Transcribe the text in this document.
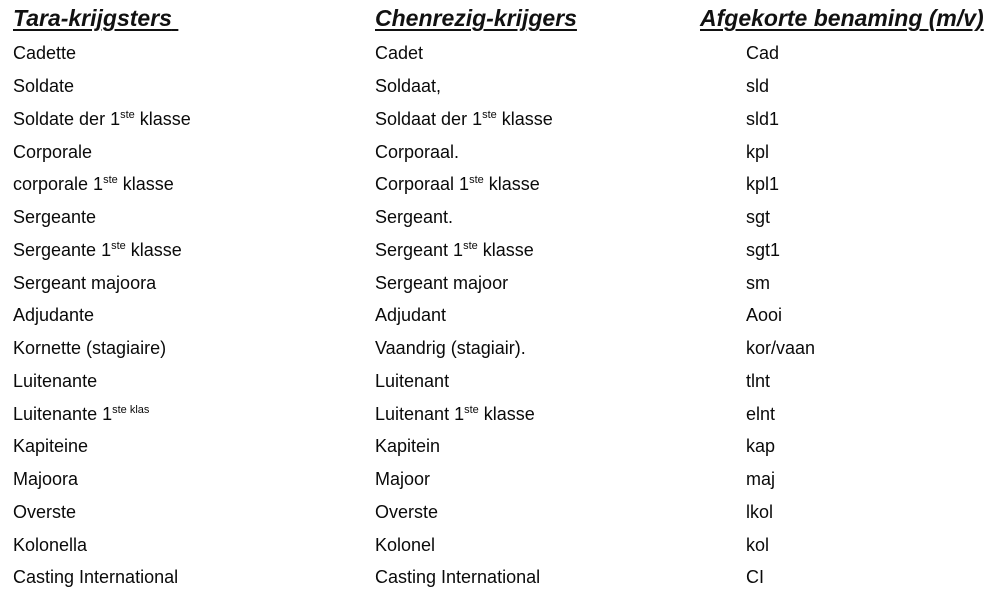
Tara-krijgsters	Chenrezig-krijgers	Afgekorte benaming (m/v)
Cadette	Cadet	Cad
Soldate	Soldaat,	sld
Soldate der 1ste klasse	Soldaat der 1ste klasse	sld1
Corporale	Corporaal.	kpl
corporale 1ste klasse	Corporaal 1ste klasse	kpl1
Sergeante	Sergeant.	sgt
Sergeante 1ste klasse	Sergeant 1ste klasse	sgt1
Sergeant majoora	Sergeant majoor	sm
Adjudante	Adjudant	Aooi
Kornette (stagiaire)	Vaandrig (stagiair).	kor/vaan
Luitenante	Luitenant	tlnt
Luitenante $1^{ste klas}$	Luitenant 1ste klasse	elnt
Kapiteine	Kapitein	kap
Majoora	Majoor	maj
Overste	Overste	lkol
Kolonella	Kolonel	kol
Casting International	Casting International	CI
